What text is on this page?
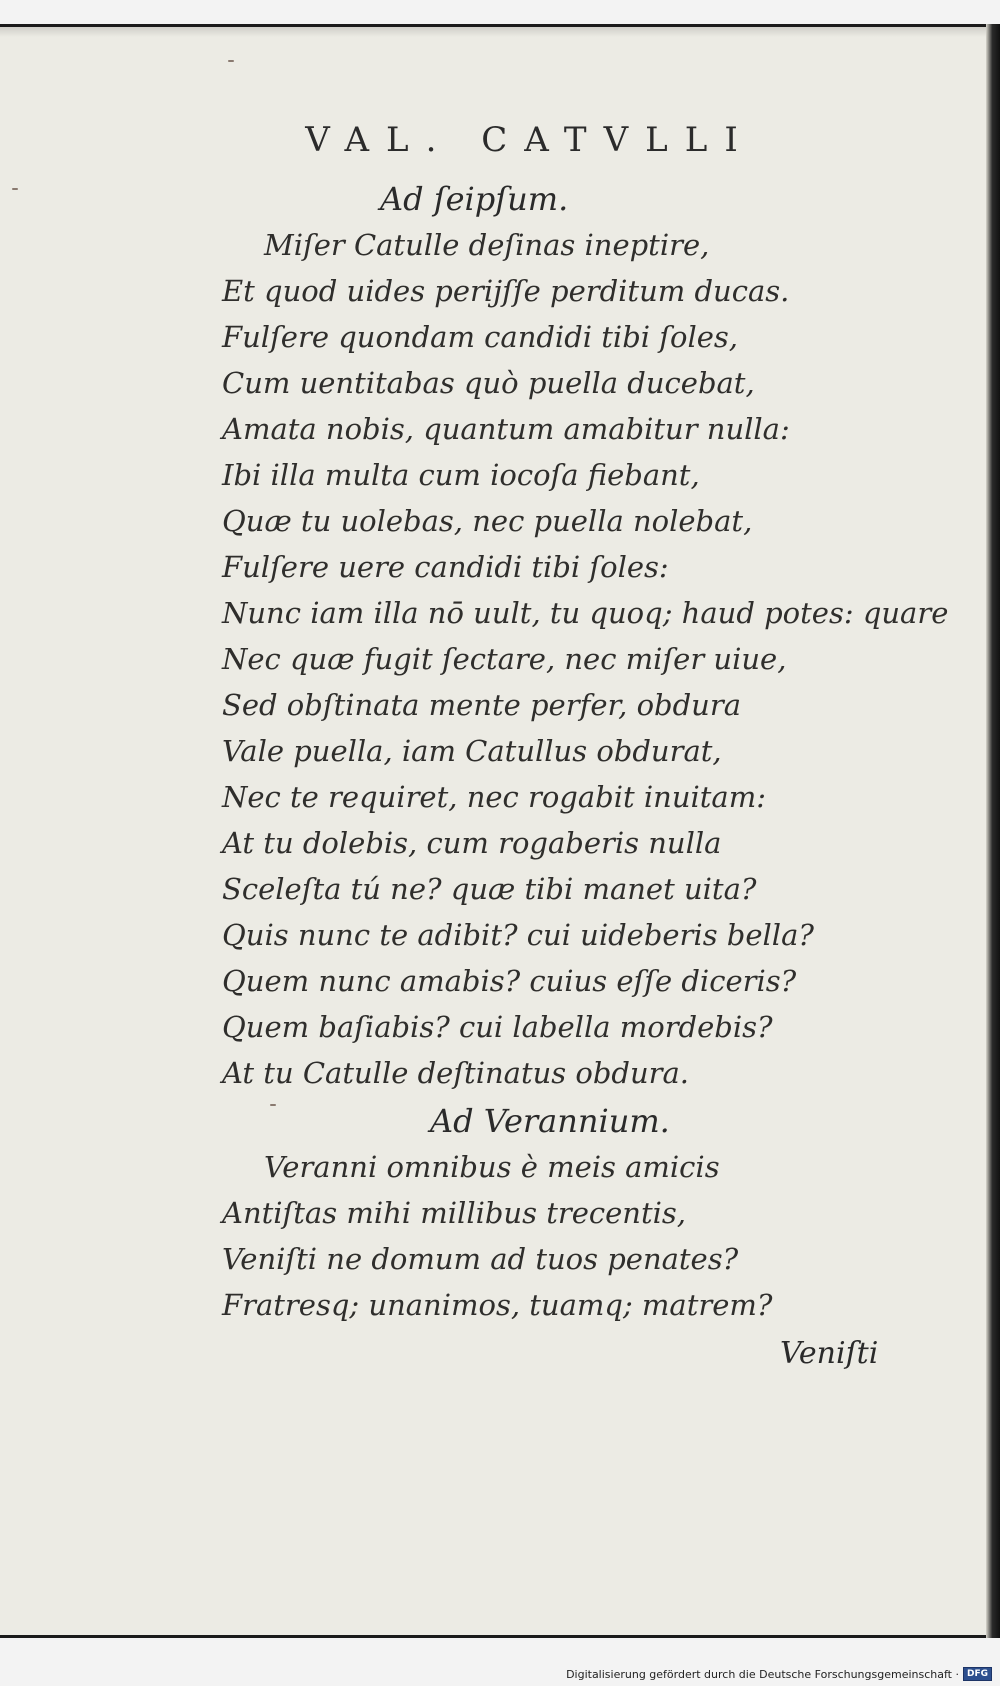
VAL. CATVLLI
Ad ſeipſum.
Miſer Catulle deſinas ineptire,
Et quod uides perijſſe perditum ducas.
Fulſere quondam candidi tibi ſoles,
Cum uentitabas quò puella ducebat,
Amata nobis, quantum amabitur nulla:
Ibi illa multa cum iocoſa fiebant,
Quæ tu uolebas, nec puella nolebat,
Fulſere uere candidi tibi ſoles:
Nunc iam illa nō uult, tu quoq; haud potes: quare
Nec quæ fugit ſectare, nec miſer uiue,
Sed obſtinata mente perfer, obdura
Vale puella, iam Catullus obdurat,
Nec te requiret, nec rogabit inuitam:
At tu dolebis, cum rogaberis nulla
Sceleſta tú ne? quæ tibi manet uita?
Quis nunc te adibit? cui uideberis bella?
Quem nunc amabis? cuius eſſe diceris?
Quem baſiabis? cui labella mordebis?
At tu Catulle deſtinatus obdura.
Ad Verannium.
Veranni omnibus è meis amicis
Antiſtas mihi millibus trecentis,
Veniſti ne domum ad tuos penates?
Fratresq; unanimos, tuamq; matrem?
Veniſti
Digitalisierung gefördert durch die Deutsche Forschungsgemeinschaft · DFG
